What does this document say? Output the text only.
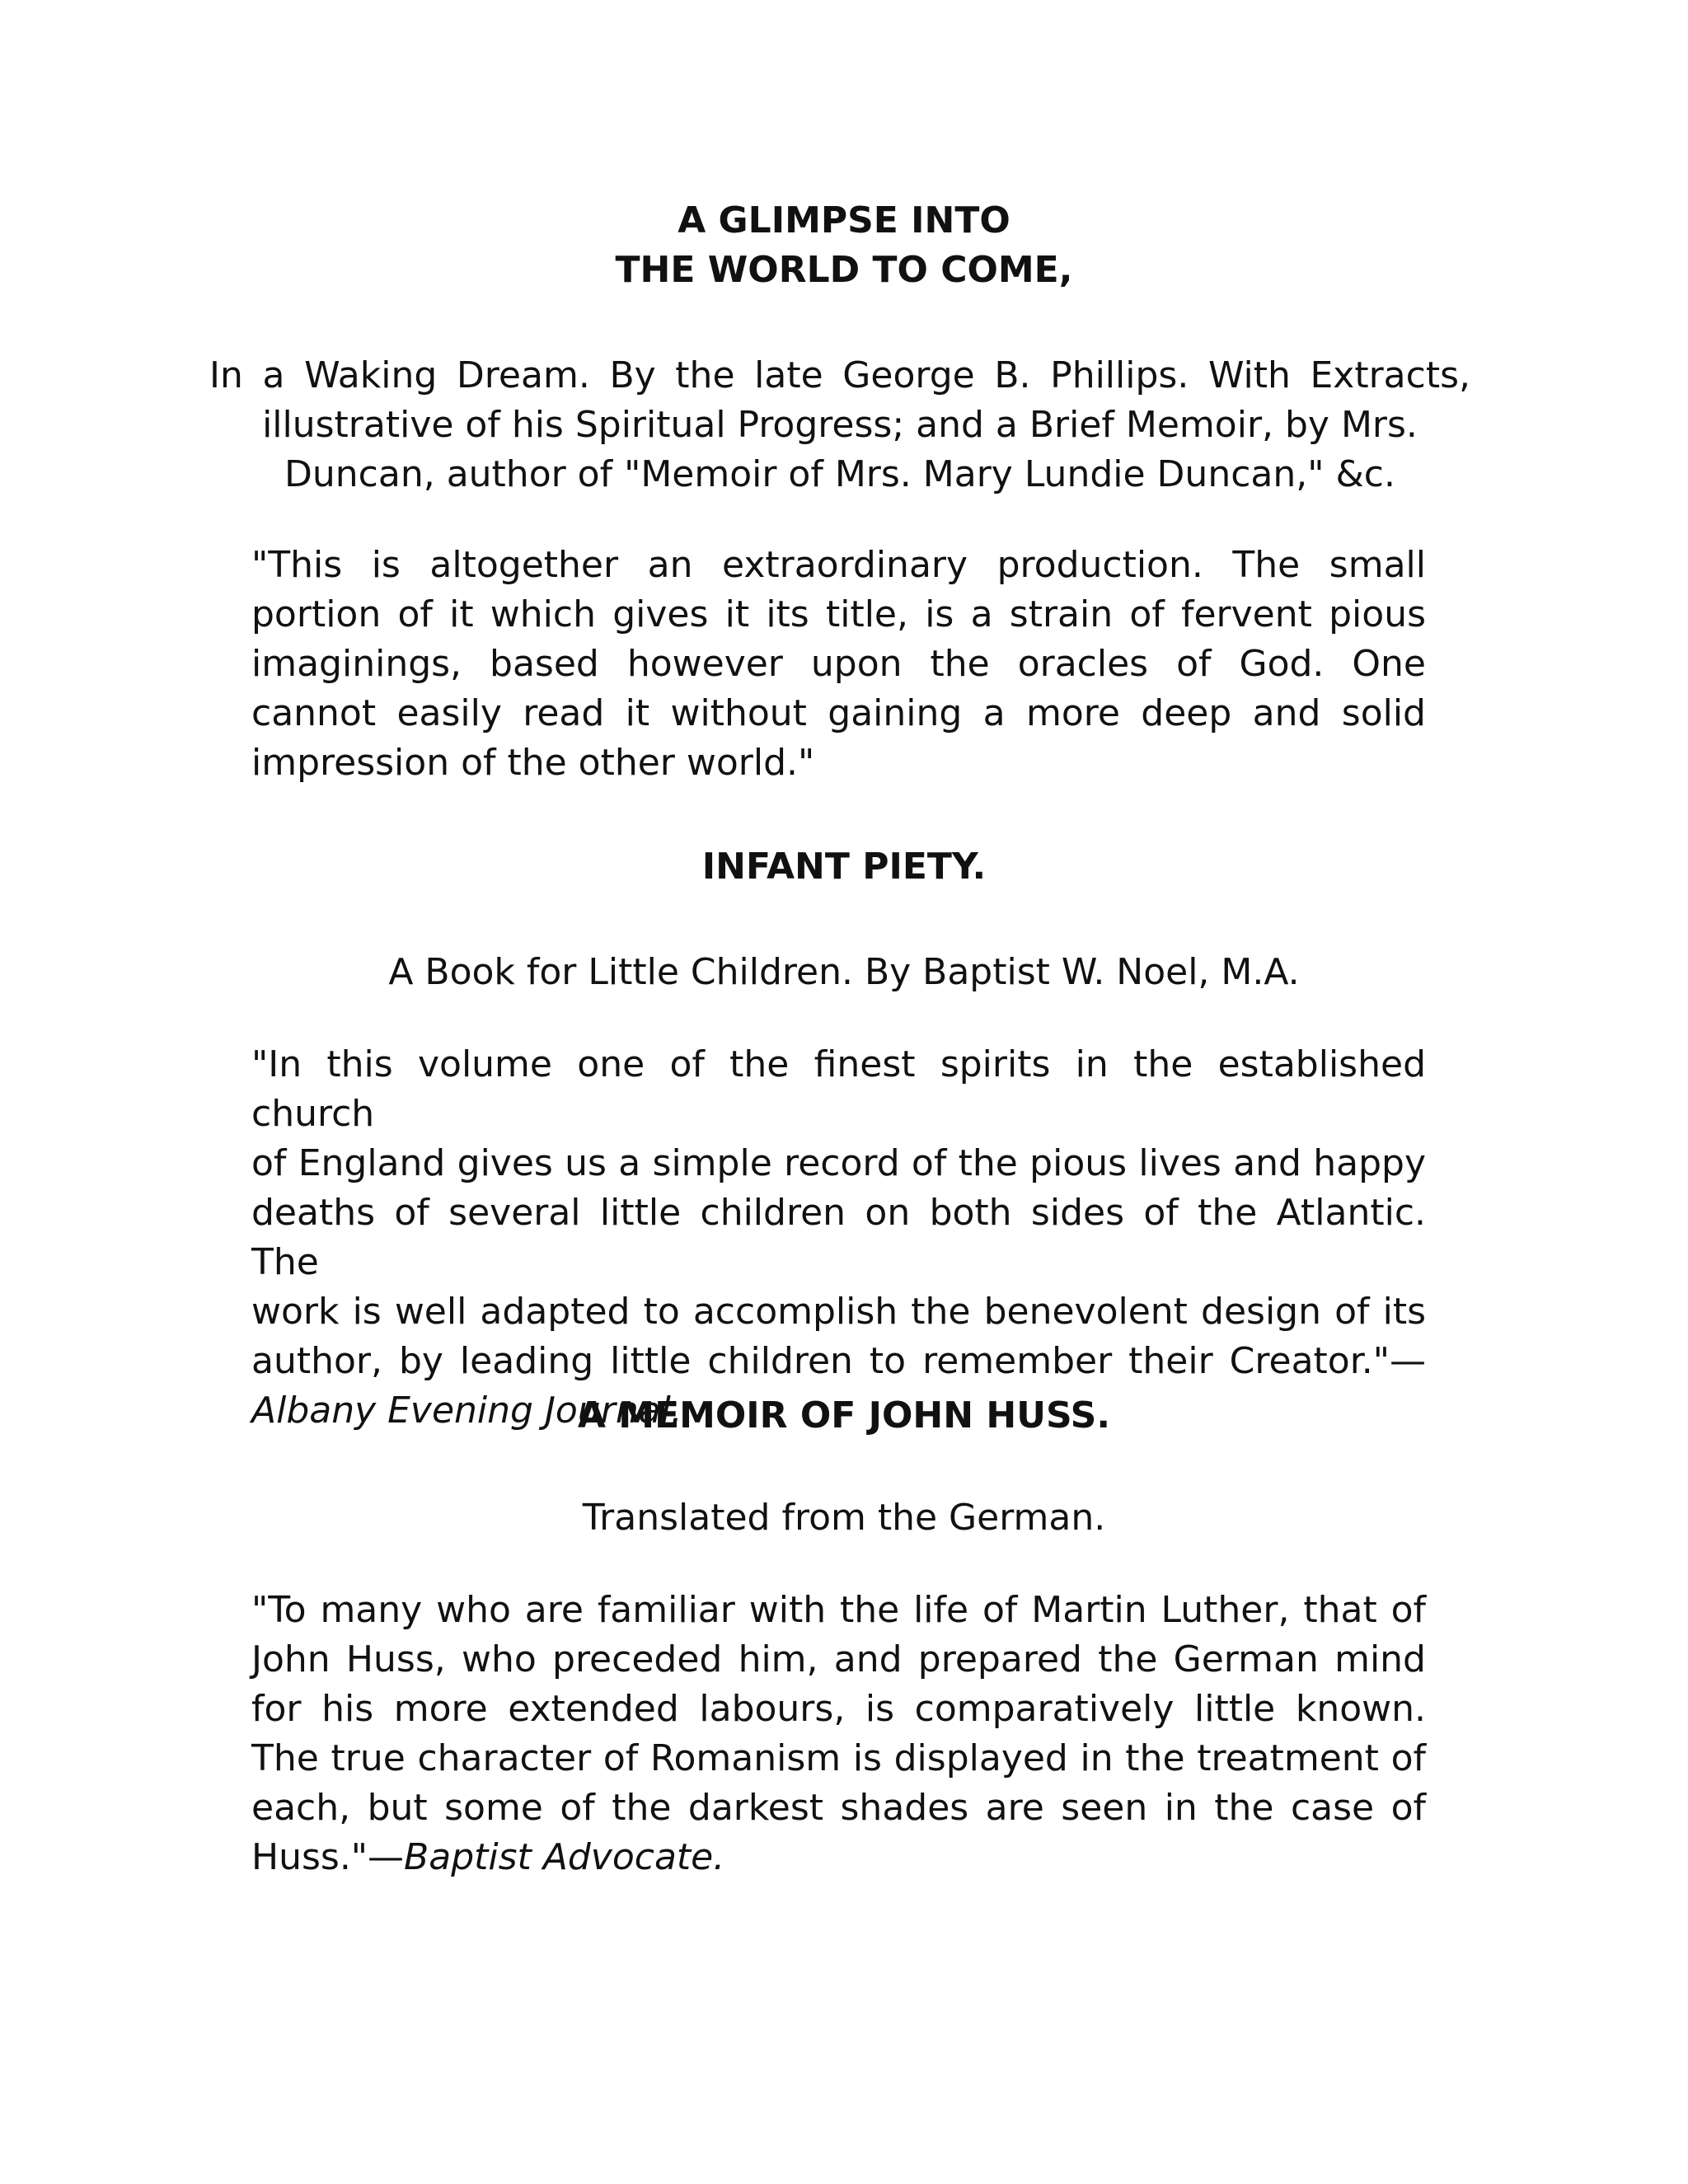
A GLIMPSE INTO
THE WORLD TO COME,

In a Waking Dream. By the late George B. Phillips. With Extracts,
illustrative of his Spiritual Progress; and a Brief Memoir, by Mrs.
Duncan, author of "Memoir of Mrs. Mary Lundie Duncan," &c.

"This is altogether an extraordinary production. The small
portion of it which gives it its title, is a strain of fervent pious
imaginings, based however upon the oracles of God. One
cannot easily read it without gaining a more deep and solid
impression of the other world."

INFANT PIETY.

A Book for Little Children. By Baptist W. Noel, M.A.

"In this volume one of the finest spirits in the established church
of England gives us a simple record of the pious lives and happy
deaths of several little children on both sides of the Atlantic. The
work is well adapted to accomplish the benevolent design of its
author, by leading little children to remember their Creator."—
Albany Evening Journal.

A MEMOIR OF JOHN HUSS.

Translated from the German.

"To many who are familiar with the life of Martin Luther, that of
John Huss, who preceded him, and prepared the German mind
for his more extended labours, is comparatively little known.
The true character of Romanism is displayed in the treatment of
each, but some of the darkest shades are seen in the case of
Huss."—Baptist Advocate.
